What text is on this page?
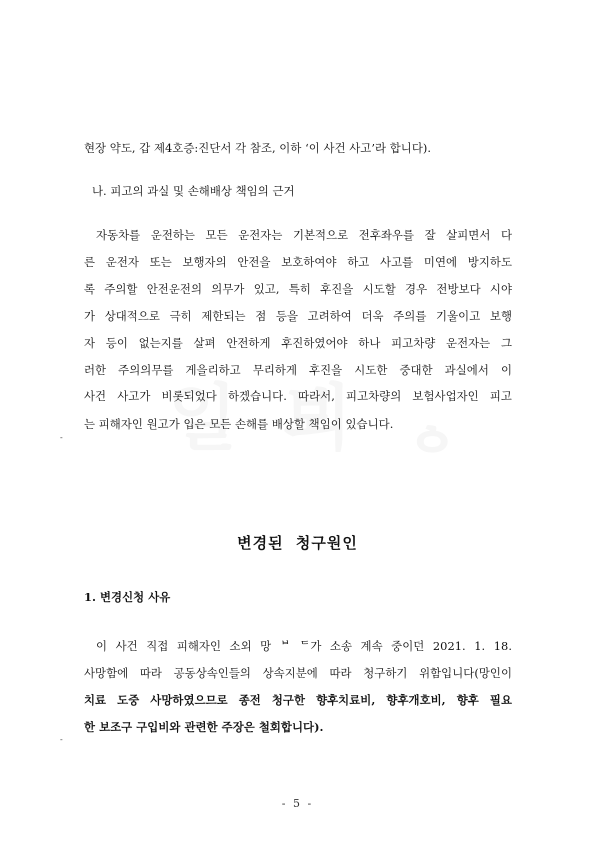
현장 약도, 갑 제4호증:진단서 각 참조, 이하 ‘이 사건 사고’라 합니다).
나. 피고의 과실 및 손해배상 책임의 근거
자동차를 운전하는 모든 운전자는 기본적으로 전후좌우를 잘 살피면서 다
른 운전자 또는 보행자의 안전을 보호하여야 하고 사고를 미연에 방지하도
록 주의할 안전운전의 의무가 있고, 특히 후진을 시도할 경우 전방보다 시야
가 상대적으로 극히 제한되는 점 등을 고려하여 더욱 주의를 기울이고 보행
자 등이 없는지를 살펴 안전하게 후진하였어야 하나 피고차량 운전자는 그
러한 주의의무를 게을리하고 무리하게 후진을 시도한 중대한 과실에서 이
사건 사고가 비롯되었다 하겠습니다. 따라서, 피고차량의 보험사업자인 피고
는 피해자인 원고가 입은 모든 손해를 배상할 책임이 있습니다.
-
변경된 청구원인
1. 변경신청 사유
이 사건 직접 피해자인 소외 망 ᄇ ᄃ가 소송 계속 중이던 2021. 1. 18.
사망함에 따라 공동상속인들의 상속지분에 따라 청구하기 위함입니다(망인이
치료 도중 사망하였으므로 종전 청구한 향후치료비, 향후개호비, 향후 필요
한 보조구 구입비와 관련한 주장은 철회합니다).
-
- 5 -
